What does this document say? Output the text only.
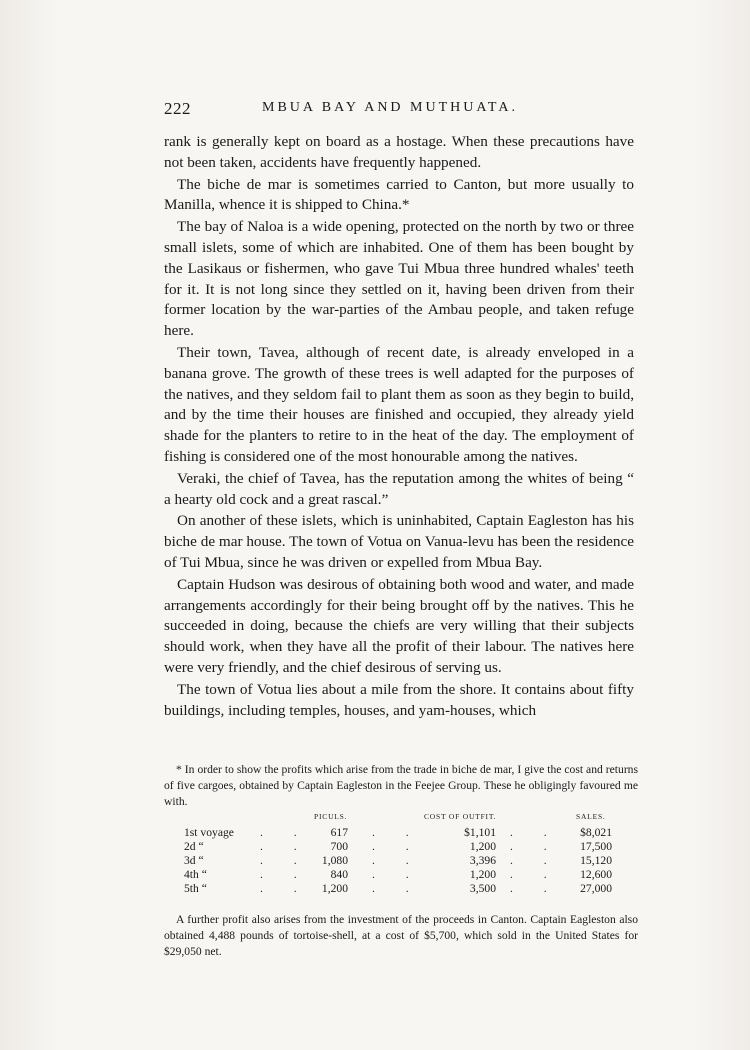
222	MBUA BAY AND MUTHUATA.

rank is generally kept on board as a hostage. When these precautions have not been taken, accidents have frequently happened.

The biche de mar is sometimes carried to Canton, but more usually to Manilla, whence it is shipped to China.*

The bay of Naloa is a wide opening, protected on the north by two or three small islets, some of which are inhabited. One of them has been bought by the Lasikaus or fishermen, who gave Tui Mbua three hundred whales' teeth for it. It is not long since they settled on it, having been driven from their former location by the war-parties of the Ambau people, and taken refuge here.

Their town, Tavea, although of recent date, is already enveloped in a banana grove. The growth of these trees is well adapted for the purposes of the natives, and they seldom fail to plant them as soon as they begin to build, and by the time their houses are finished and occupied, they already yield shade for the planters to retire to in the heat of the day. The employment of fishing is considered one of the most honourable among the natives.

Veraki, the chief of Tavea, has the reputation among the whites of being “ a hearty old cock and a great rascal.”

On another of these islets, which is uninhabited, Captain Eagleston has his biche de mar house. The town of Votua on Vanua-levu has been the residence of Tui Mbua, since he was driven or expelled from Mbua Bay.

Captain Hudson was desirous of obtaining both wood and water, and made arrangements accordingly for their being brought off by the natives. This he succeeded in doing, because the chiefs are very willing that their subjects should work, when they have all the profit of their labour. The natives here were very friendly, and the chief desirous of serving us.

The town of Votua lies about a mile from the shore. It contains about fifty buildings, including temples, houses, and yam-houses, which

* In order to show the profits which arise from the trade in biche de mar, I give the cost and returns of five cargoes, obtained by Captain Eagleston in the Feejee Group. These he obligingly favoured me with.

PICULS.	COST OF OUTFIT.	SALES.
1st voyage . .	617 . .	$1,101 . .	$8,021
2d “	. .	700 . .	1,200 . .	17,500
3d “	. . 1,080 . .	3,396 . .	15,120
4th “	. .	840 . .	1,200 . .	12,600
5th “	. . 1,200 . .	3,500 . .	27,000

A further profit also arises from the investment of the proceeds in Canton. Captain Eagleston also obtained 4,488 pounds of tortoise-shell, at a cost of $5,700, which sold in the United States for $29,050 net.
